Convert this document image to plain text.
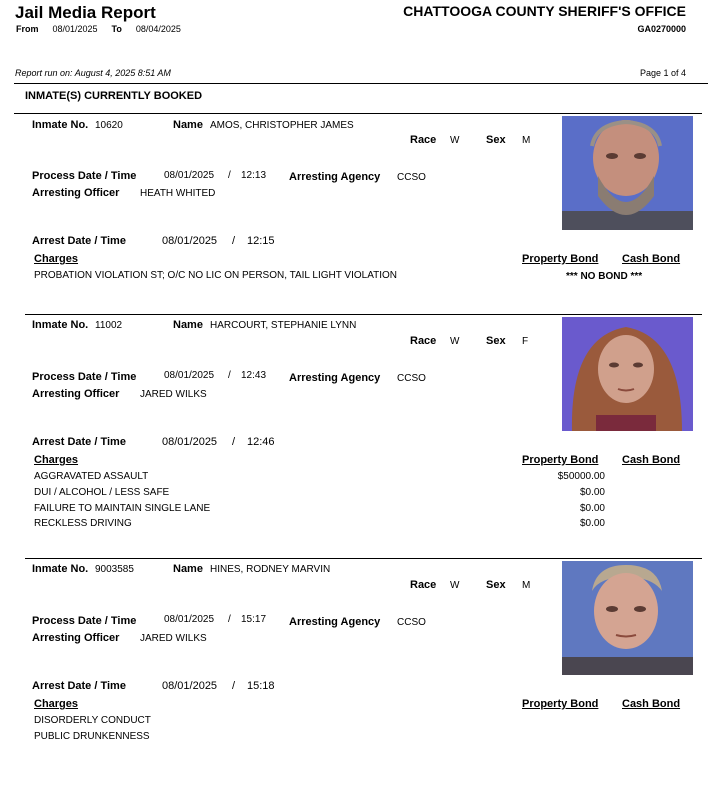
Jail Media Report
From 08/01/2025 To 08/04/2025
CHATTOOGA COUNTY SHERIFF'S OFFICE
GA0270000
Report run on: August 4, 2025 8:51 AM	Page 1 of 4
INMATE(S) CURRENTLY BOOKED
Inmate No. 10620	Name AMOS, CHRISTOPHER JAMES
Race W Sex M
Process Date / Time	08/01/2025 / 12:13 Arresting Agency CCSO
Arresting Officer HEATH WHITED
Arrest Date / Time	08/01/2025 / 12:15
Charges	Property Bond Cash Bond
PROBATION VIOLATION ST; O/C NO LIC ON PERSON, TAIL LIGHT VIOLATION	*** NO BOND ***
Inmate No. 11002	Name HARCOURT, STEPHANIE LYNN
Race W Sex F
Process Date / Time	08/01/2025 / 12:43 Arresting Agency CCSO
Arresting Officer JARED WILKS
Arrest Date / Time	08/01/2025 / 12:46
Charges	Property Bond Cash Bond
AGGRAVATED ASSAULT	$50000.00
DUI / ALCOHOL / LESS SAFE	$0.00
FAILURE TO MAINTAIN SINGLE LANE	$0.00
RECKLESS DRIVING	$0.00
Inmate No. 9003585	Name HINES, RODNEY MARVIN
Race W Sex M
Process Date / Time	08/01/2025 / 15:17 Arresting Agency CCSO
Arresting Officer JARED WILKS
Arrest Date / Time	08/01/2025 / 15:18
Charges	Property Bond Cash Bond
DISORDERLY CONDUCT
PUBLIC DRUNKENNESS
